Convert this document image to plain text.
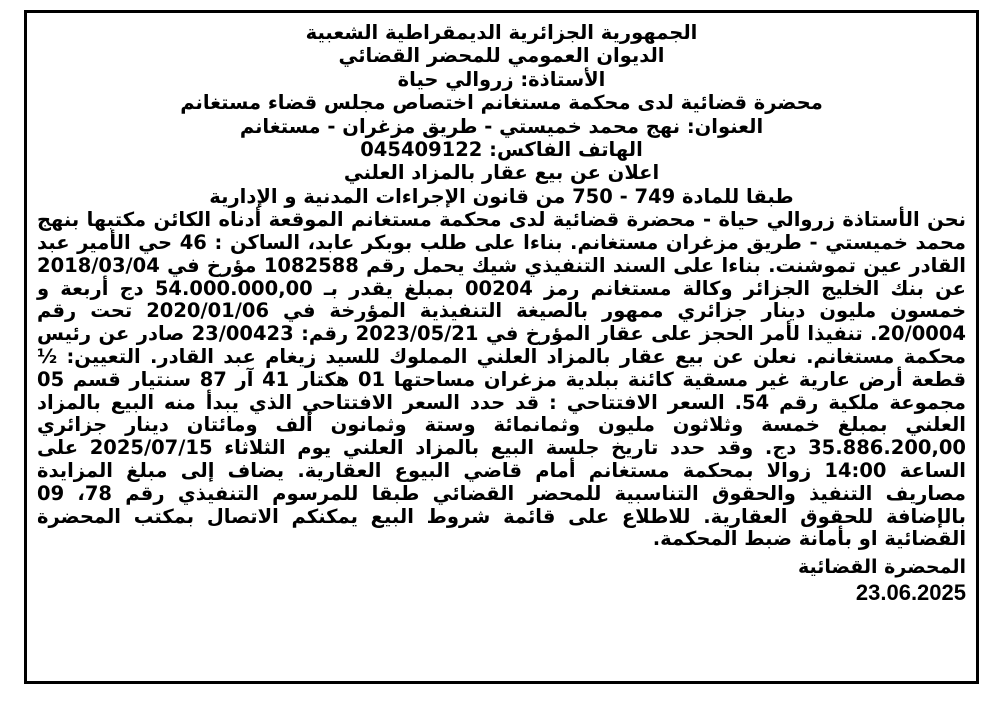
الجمهورية الجزائرية الديمقراطية الشعبية

الديوان العمومي للمحضر القضائي

الأستاذة: زروالي حياة

محضرة قضائية لدى محكمة مستغانم اختصاص مجلس قضاء مستغانم

العنوان: نهج محمد خميستي - طريق مزغران - مستغانم

الهاتف الفاكس: 045409122

اعلان عن بيع عقار بالمزاد العلني

طبقا للمادة 749 - 750 من قانون الإجراءات المدنية و الإدارية

نحن الأستاذة زروالي حياة - محضرة قضائية لدى محكمة مستغانم الموقعة أدناه الكائن مكتبها بنهج محمد خميستي - طريق مزغران مستغانم. بناءا على طلب بوبكر عابد، الساكن : 46 حي الأمير عبد القادر عين تموشنت. بناءا على السند التنفيذي شيك يحمل رقم 1082588 مؤرخ في 2018/03/04 عن بنك الخليج الجزائر وكالة مستغانم رمز 00204 بمبلغ يقدر بـ 54.000.000,00 دج أربعة و خمسون مليون دينار جزائري ممهور بالصيغة التنفيذية المؤرخة في 2020/01/06 تحت رقم 20/0004. تنفيذا لأمر الحجز على عقار المؤرخ في 2023/05/21 رقم: 23/00423 صادر عن رئيس محكمة مستغانم. نعلن عن بيع عقار بالمزاد العلني المملوك للسيد زيغام عبد القادر. التعيين: ½ قطعة أرض عارية غير مسقية كائنة ببلدية مزغران مساحتها 01 هكتار 41 آر 87 سنتيار قسم 05 مجموعة ملكية رقم 54. السعر الافتتاحي : قد حدد السعر الافتتاحي الذي يبدأ منه البيع بالمزاد العلني بمبلغ خمسة وثلاثون مليون وثمانمائة وستة وثمانون ألف ومائتان دينار جزائري 35.886.200,00 دج. وقد حدد تاريخ جلسة البيع بالمزاد العلني يوم الثلاثاء 2025/07/15 على الساعة 14:00 زوالا بمحكمة مستغانم أمام قاضي البيوع العقارية. يضاف إلى مبلغ المزايدة مصاريف التنفيذ والحقوق التناسبية للمحضر القضائي طبقا للمرسوم التنفيذي رقم 78، 09 بالإضافة للحقوق العقارية. للاطلاع على قائمة شروط البيع يمكنكم الاتصال بمكتب المحضرة القضائية او بأمانة ضبط المحكمة.

المحضرة القضائية
23.06.2025
